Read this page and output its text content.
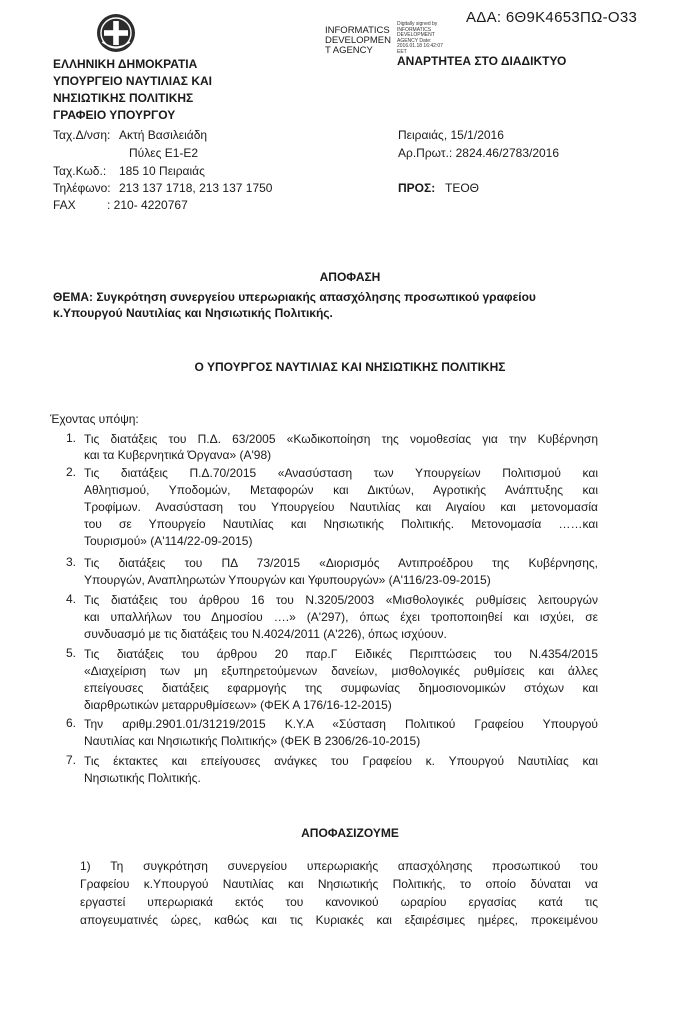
ΑΔΑ: 6Θ9Κ4653ΠΩ-Ο33
ΕΛΛΗΝΙΚΗ ΔΗΜΟΚΡΑΤΙΑ
ΥΠΟΥΡΓΕΙΟ ΝΑΥΤΙΛΙΑΣ ΚΑΙ
ΝΗΣΙΩΤΙΚΗΣ ΠΟΛΙΤΙΚΗΣ
ΓΡΑΦΕΙΟ ΥΠΟΥΡΓΟΥ
INFORMATICS DEVELOPMEN T AGENCY
Digitally signed by INFORMATICS DEVELOPMENT AGENCY Date: 2016.01.18 16:42:07 EET
ΑΝΑΡΤΗΤΕΑ ΣΤΟ ΔΙΑΔΙΚΤΥΟ
Ταχ.Δ/νση: Ακτή Βασιλειάδη
Πύλες Ε1-Ε2
Ταχ.Κωδ.: 185 10 Πειραιάς
Τηλέφωνο: 213 137 1718, 213 137 1750
FAX	: 210- 4220767
Πειραιάς, 15/1/2016
Αρ.Πρωτ.: 2824.46/2783/2016
ΠΡΟΣ: ΤΕΟΘ
ΑΠΟΦΑΣΗ
ΘΕΜΑ: Συγκρότηση συνεργείου υπερωριακής απασχόλησης προσωπικού γραφείου
κ.Υπουργού Ναυτιλίας και Νησιωτικής Πολιτικής.
Ο ΥΠΟΥΡΓΟΣ ΝΑΥΤΙΛΙΑΣ ΚΑΙ ΝΗΣΙΩΤΙΚΗΣ ΠΟΛΙΤΙΚΗΣ
Έχοντας υπόψη:
1. Τις διατάξεις του Π.Δ. 63/2005 «Κωδικοποίηση της νομοθεσίας για την Κυβέρνηση
και τα Κυβερνητικά Όργανα» (Α'98)
2. Τις διατάξεις Π.Δ.70/2015 «Ανασύσταση των Υπουργείων Πολιτισμού και
Αθλητισμού, Υποδομών, Μεταφορών και Δικτύων, Αγροτικής Ανάπτυξης και
Τροφίμων. Ανασύσταση του Υπουργείου Ναυτιλίας και Αιγαίου και μετονομασία
του σε Υπουργείο Ναυτιλίας και Νησιωτικής Πολιτικής. Μετονομασία ……και
Τουρισμού» (Α'114/22-09-2015)
3. Τις διατάξεις του ΠΔ 73/2015 «Διορισμός Αντιπροέδρου της Κυβέρνησης,
Υπουργών, Αναπληρωτών Υπουργών και Υφυπουργών» (Α'116/23-09-2015)
4. Τις διατάξεις του άρθρου 16 του Ν.3205/2003 «Μισθολογικές ρυθμίσεις λειτουργών
και υπαλλήλων του Δημοσίου ….» (Α'297), όπως έχει τροποποιηθεί και ισχύει, σε
συνδυασμό με τις διατάξεις του Ν.4024/2011 (Α'226), όπως ισχύουν.
5. Τις διατάξεις του άρθρου 20 παρ.Γ Ειδικές Περιπτώσεις του Ν.4354/2015
«Διαχείριση των μη εξυπηρετούμενων δανείων, μισθολογικές ρυθμίσεις και άλλες
επείγουσες διατάξεις εφαρμογής της συμφωνίας δημοσιονομικών στόχων και
διαρθρωτικών μεταρρυθμίσεων» (ΦΕΚ Α 176/16-12-2015)
6. Την αριθμ.2901.01/31219/2015 Κ.Υ.Α «Σύσταση Πολιτικού Γραφείου Υπουργού
Ναυτιλίας και Νησιωτικής Πολιτικής» (ΦΕΚ Β 2306/26-10-2015)
7. Τις έκτακτες και επείγουσες ανάγκες του Γραφείου κ. Υπουργού Ναυτιλίας και
Νησιωτικής Πολιτικής.
ΑΠΟΦΑΣΙΖΟΥΜΕ
1) Τη συγκρότηση συνεργείου υπερωριακής απασχόλησης προσωπικού του
Γραφείου κ.Υπουργού Ναυτιλίας και Νησιωτικής Πολιτικής, το οποίο δύναται να
εργαστεί υπερωριακά εκτός του κανονικού ωραρίου εργασίας κατά τις
απογευματινές ώρες, καθώς και τις Κυριακές και εξαιρέσιμες ημέρες, προκειμένου
